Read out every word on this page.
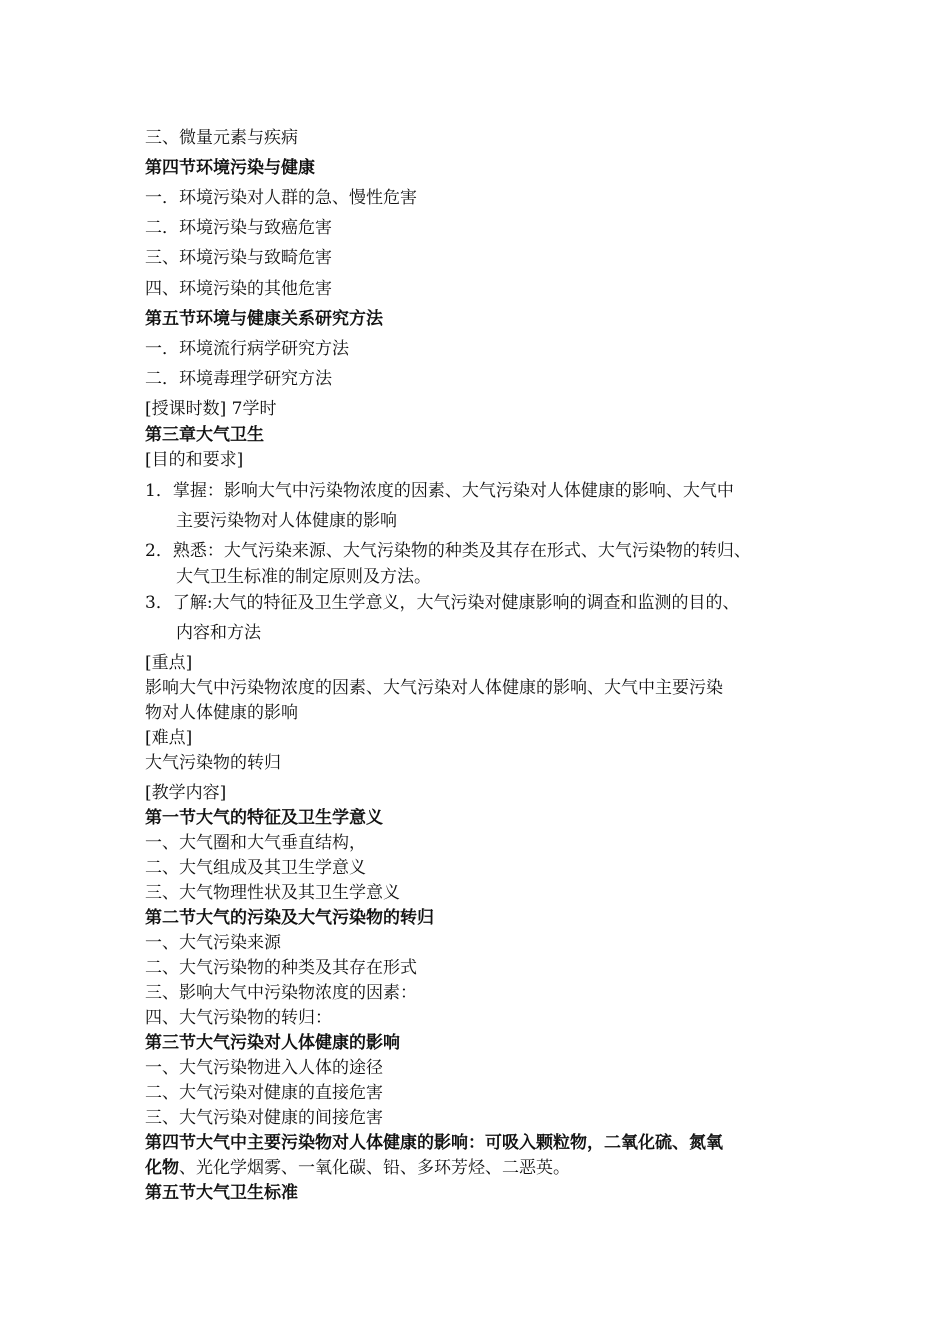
三、微量元素与疾病

第四节环境污染与健康

一．环境污染对人群的急、慢性危害

二．环境污染与致癌危害

三、环境污染与致畸危害

四、环境污染的其他危害

第五节环境与健康关系研究方法

一．环境流行病学研究方法

二．环境毒理学研究方法

[授课时数] 7学时

第三章大气卫生

[目的和要求]

1．掌握：影响大气中污染物浓度的因素、大气污染对人体健康的影响、大气中

主要污染物对人体健康的影响

2．熟悉：大气污染来源、大气污染物的种类及其存在形式、大气污染物的转归、

大气卫生标准的制定原则及方法。

3．了解:大气的特征及卫生学意义，大气污染对健康影响的调查和监测的目的、

内容和方法

[重点]

影响大气中污染物浓度的因素、大气污染对人体健康的影响、大气中主要污染

物对人体健康的影响

[难点]

大气污染物的转归

[教学内容]

第一节大气的特征及卫生学意义

一、大气圈和大气垂直结构，

二、大气组成及其卫生学意义

三、大气物理性状及其卫生学意义

第二节大气的污染及大气污染物的转归

一、大气污染来源

二、大气污染物的种类及其存在形式

三、影响大气中污染物浓度的因素：

四、大气污染物的转归：

第三节大气污染对人体健康的影响

一、大气污染物进入人体的途径

二、大气污染对健康的直接危害

三、大气污染对健康的间接危害

第四节大气中主要污染物对人体健康的影响：可吸入颗粒物，二氧化硫、氮氧

化物、光化学烟雾、一氧化碳、铅、多环芳烃、二恶英。

第五节大气卫生标准
